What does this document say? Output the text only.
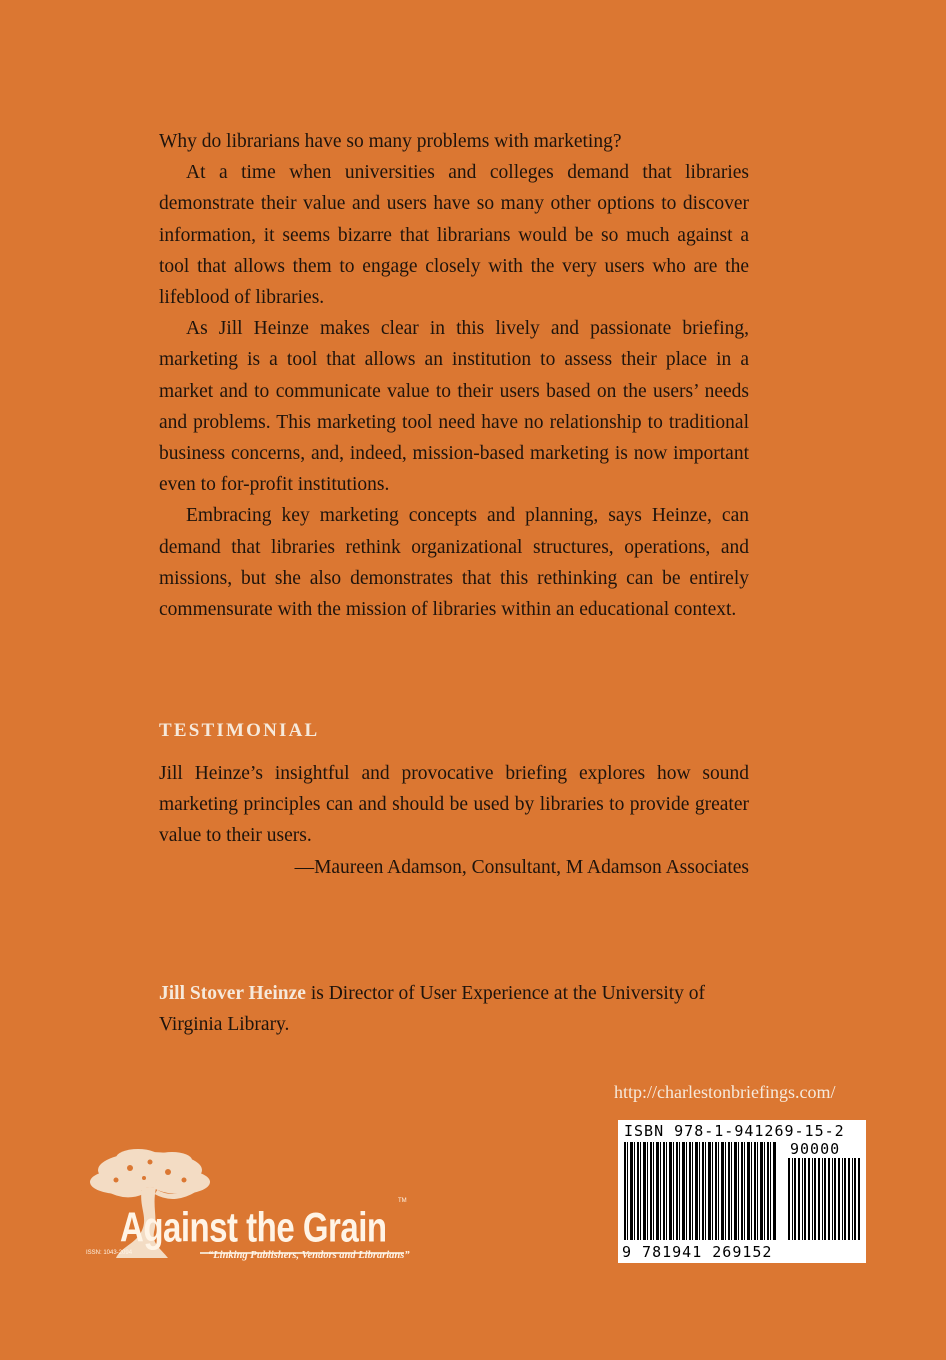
Why do librarians have so many problems with marketing?

At a time when universities and colleges demand that libraries demonstrate their value and users have so many other options to discover information, it seems bizarre that librarians would be so much against a tool that allows them to engage closely with the very users who are the lifeblood of libraries.

As Jill Heinze makes clear in this lively and passionate briefing, marketing is a tool that allows an institution to assess their place in a market and to communicate value to their users based on the users’ needs and problems. This marketing tool need have no relationship to traditional business concerns, and, indeed, mission-based marketing is now important even to for-profit institutions.

Embracing key marketing concepts and planning, says Heinze, can demand that libraries rethink organizational structures, operations, and missions, but she also demonstrates that this rethinking can be entirely commensurate with the mission of libraries within an educational context.

TESTIMONIAL

Jill Heinze’s insightful and provocative briefing explores how sound marketing principles can and should be used by libraries to provide greater value to their users.

—Maureen Adamson, Consultant, M Adamson Associates
Jill Stover Heinze is Director of User Experience at the University of Virginia Library.
http://charlestonbriefings.com/
ISBN 978-1-941269-15-2
90000
9 781941 269152
Against the Grain
TM
“Linking Publishers, Vendors and Librarians”
ISSN: 1043-2094
